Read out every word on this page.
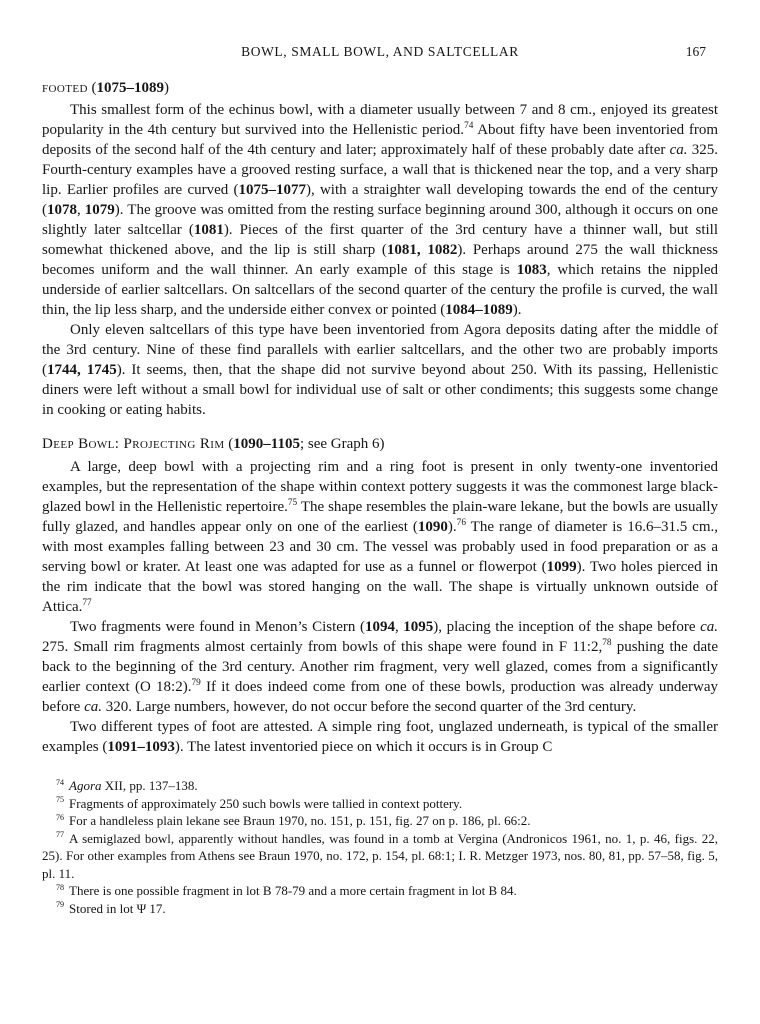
BOWL, SMALL BOWL, AND SALTCELLAR	167

footed (1075–1089)

This smallest form of the echinus bowl, with a diameter usually between 7 and 8 cm., enjoyed its greatest popularity in the 4th century but survived into the Hellenistic period.$^{74}$ About fifty have been inventoried from deposits of the second half of the 4th century and later; approximately half of these probably date after ca. 325. Fourth-century examples have a grooved resting surface, a wall that is thickened near the top, and a very sharp lip. Earlier profiles are curved (1075–1077), with a straighter wall developing towards the end of the century (1078, 1079). The groove was omitted from the resting surface beginning around 300, although it occurs on one slightly later saltcellar (1081). Pieces of the first quarter of the 3rd century have a thinner wall, but still somewhat thickened above, and the lip is still sharp (1081, 1082). Perhaps around 275 the wall thickness becomes uniform and the wall thinner. An early example of this stage is 1083, which retains the nippled underside of earlier saltcellars. On saltcellars of the second quarter of the century the profile is curved, the wall thin, the lip less sharp, and the underside either convex or pointed (1084–1089).

Only eleven saltcellars of this type have been inventoried from Agora deposits dating after the middle of the 3rd century. Nine of these find parallels with earlier saltcellars, and the other two are probably imports (1744, 1745). It seems, then, that the shape did not survive beyond about 250. With its passing, Hellenistic diners were left without a small bowl for individual use of salt or other condiments; this suggests some change in cooking or eating habits.

Deep Bowl: Projecting Rim (1090–1105; see Graph 6)

A large, deep bowl with a projecting rim and a ring foot is present in only twenty-one inventoried examples, but the representation of the shape within context pottery suggests it was the commonest large black-glazed bowl in the Hellenistic repertoire.$^{75}$ The shape resembles the plain-ware lekane, but the bowls are usually fully glazed, and handles appear only on one of the earliest (1090).$^{76}$ The range of diameter is 16.6–31.5 cm., with most examples falling between 23 and 30 cm. The vessel was probably used in food preparation or as a serving bowl or krater. At least one was adapted for use as a funnel or flowerpot (1099). Two holes pierced in the rim indicate that the bowl was stored hanging on the wall. The shape is virtually unknown outside of Attica.$^{77}$

Two fragments were found in Menon’s Cistern (1094, 1095), placing the inception of the shape before ca. 275. Small rim fragments almost certainly from bowls of this shape were found in F 11:2,78 pushing the date back to the beginning of the 3rd century. Another rim fragment, very well glazed, comes from a significantly earlier context (O 18:2).$^{79}$ If it does indeed come from one of these bowls, production was already underway before ca. 320. Large numbers, however, do not occur before the second quarter of the 3rd century.

Two different types of foot are attested. A simple ring foot, unglazed underneath, is typical of the smaller examples (1091–1093). The latest inventoried piece on which it occurs is in Group C

$^{74}$ Agora XII, pp. 137–138.

$^{75}$ Fragments of approximately 250 such bowls were tallied in context pottery.

$^{76}$ For a handleless plain lekane see Braun 1970, no. 151, p. 151, fig. 27 on p. 186, pl. 66:2.

$^{77}$ A semiglazed bowl, apparently without handles, was found in a tomb at Vergina (Andronicos 1961, no. 1, p. 46, figs. 22, 25). For other examples from Athens see Braun 1970, no. 172, p. 154, pl. 68:1; I. R. Metzger 1973, nos. 80, 81, pp. 57–58, fig. 5, pl. 11.

$^{78}$ There is one possible fragment in lot B 78-79 and a more certain fragment in lot B 84.

$^{79}$ Stored in lot Ψ 17.
